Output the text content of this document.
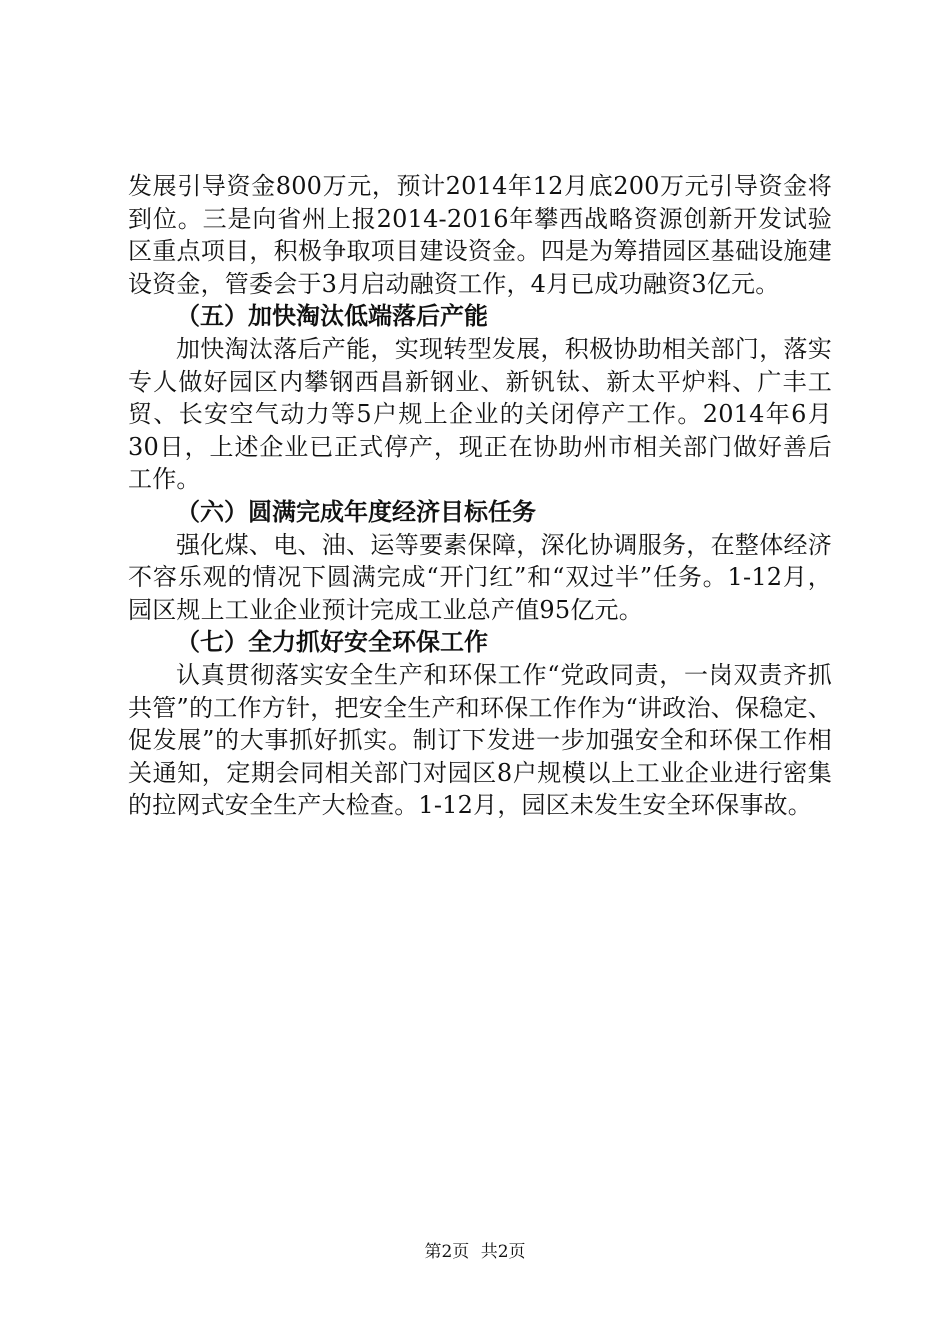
发展引导资金800万元，预计2014年12月底200万元引导资金将到位。三是向省州上报2014-2016年攀西战略资源创新开发试验区重点项目，积极争取项目建设资金。四是为筹措园区基础设施建设资金，管委会于3月启动融资工作，4月已成功融资3亿元。

（五）加快淘汰低端落后产能

加快淘汰落后产能，实现转型发展，积极协助相关部门，落实专人做好园区内攀钢西昌新钢业、新钒钛、新太平炉料、广丰工贸、长安空气动力等5户规上企业的关闭停产工作。2014年6月30日，上述企业已正式停产，现正在协助州市相关部门做好善后工作。

（六）圆满完成年度经济目标任务

强化煤、电、油、运等要素保障，深化协调服务，在整体经济不容乐观的情况下圆满完成“开门红”和“双过半”任务。1-12月，园区规上工业企业预计完成工业总产值95亿元。

（七）全力抓好安全环保工作

认真贯彻落实安全生产和环保工作“党政同责，一岗双责齐抓共管”的工作方针，把安全生产和环保工作作为“讲政治、保稳定、促发展”的大事抓好抓实。制订下发进一步加强安全和环保工作相关通知，定期会同相关部门对园区8户规模以上工业企业进行密集的拉网式安全生产大检查。1-12月，园区未发生安全环保事故。

第2页 共2页
